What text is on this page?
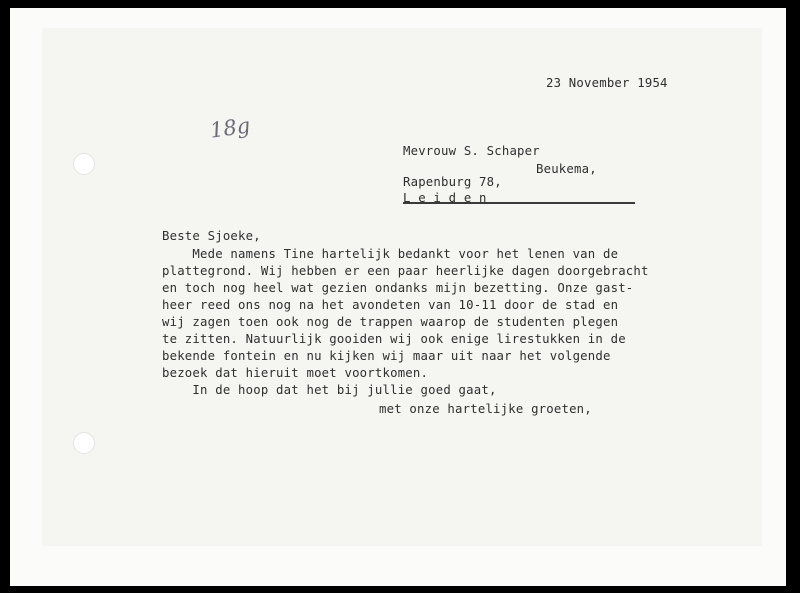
18g
23 November 1954
Mevrouw S. Schaper
Beukema,
Rapenburg 78,
L e i d e n
Beste Sjoeke,
Mede namens Tine hartelijk bedankt voor het lenen van de
plattegrond. Wij hebben er een paar heerlijke dagen doorgebracht
en toch nog heel wat gezien ondanks mijn bezetting. Onze gast-
heer reed ons nog na het avondeten van 10-11 door de stad en
wij zagen toen ook nog de trappen waarop de studenten plegen
te zitten. Natuurlijk gooiden wij ook enige lirestukken in de
bekende fontein en nu kijken wij maar uit naar het volgende
bezoek dat hieruit moet voortkomen.
In de hoop dat het bij jullie goed gaat,
met onze hartelijke groeten,
